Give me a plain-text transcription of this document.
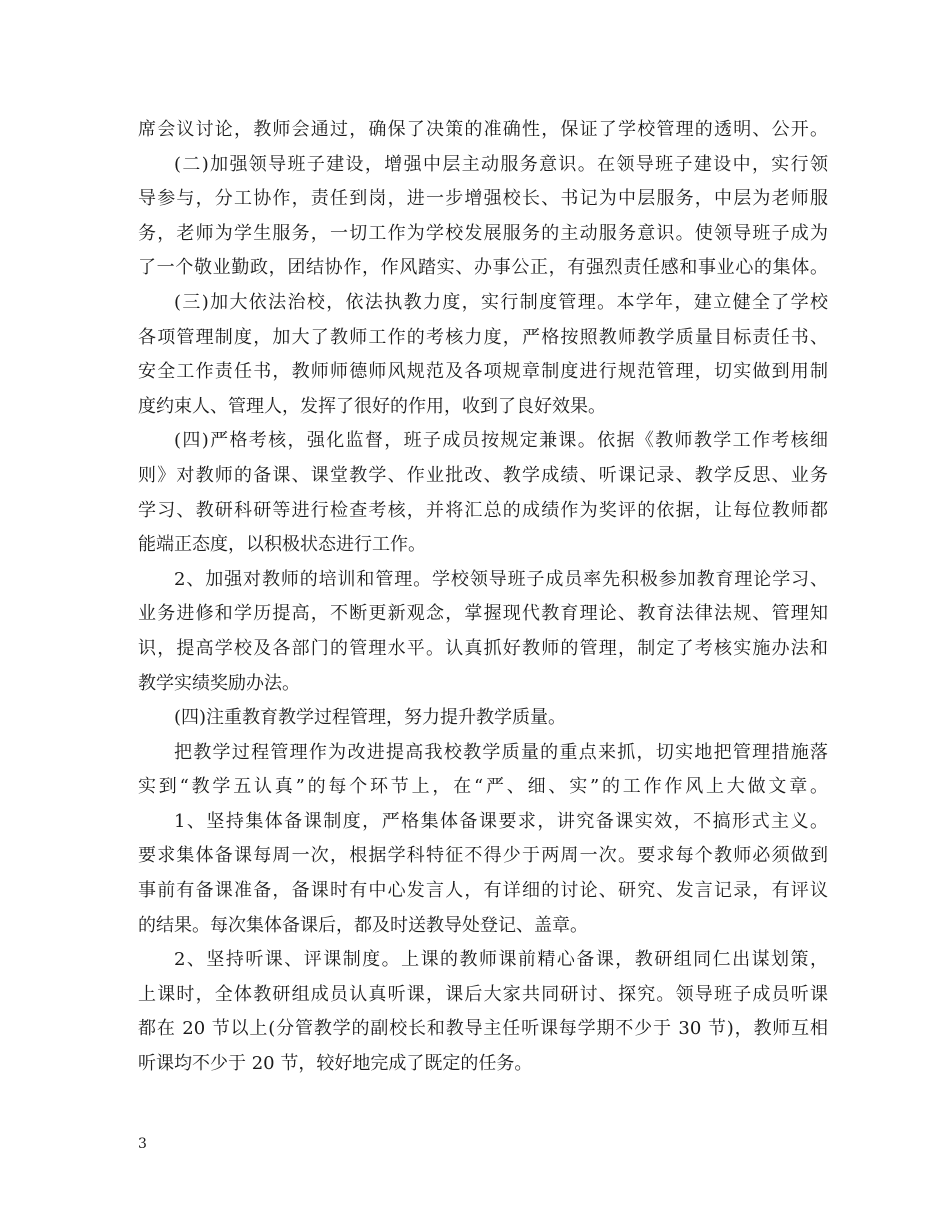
席会议讨论，教师会通过，确保了决策的准确性，保证了学校管理的透明、公开。
(二)加强领导班子建设，增强中层主动服务意识。在领导班子建设中，实行领
导参与，分工协作，责任到岗，进一步增强校长、书记为中层服务，中层为老师服
务，老师为学生服务，一切工作为学校发展服务的主动服务意识。使领导班子成为
了一个敬业勤政，团结协作，作风踏实、办事公正，有强烈责任感和事业心的集体。
(三)加大依法治校，依法执教力度，实行制度管理。本学年，建立健全了学校
各项管理制度，加大了教师工作的考核力度，严格按照教师教学质量目标责任书、
安全工作责任书，教师师德师风规范及各项规章制度进行规范管理，切实做到用制
度约束人、管理人，发挥了很好的作用，收到了良好效果。
(四)严格考核，强化监督，班子成员按规定兼课。依据《教师教学工作考核细
则》对教师的备课、课堂教学、作业批改、教学成绩、听课记录、教学反思、业务
学习、教研科研等进行检查考核，并将汇总的成绩作为奖评的依据，让每位教师都
能端正态度，以积极状态进行工作。
2、加强对教师的培训和管理。学校领导班子成员率先积极参加教育理论学习、
业务进修和学历提高，不断更新观念，掌握现代教育理论、教育法律法规、管理知
识，提高学校及各部门的管理水平。认真抓好教师的管理，制定了考核实施办法和
教学实绩奖励办法。
(四)注重教育教学过程管理，努力提升教学质量。
把教学过程管理作为改进提高我校教学质量的重点来抓，切实地把管理措施落
实到“教学五认真”的每个环节上，在“严、细、实”的工作作风上大做文章。
1、坚持集体备课制度，严格集体备课要求，讲究备课实效，不搞形式主义。
要求集体备课每周一次，根据学科特征不得少于两周一次。要求每个教师必须做到
事前有备课准备，备课时有中心发言人，有详细的讨论、研究、发言记录，有评议
的结果。每次集体备课后，都及时送教导处登记、盖章。
2、坚持听课、评课制度。上课的教师课前精心备课，教研组同仁出谋划策，
上课时，全体教研组成员认真听课，课后大家共同研讨、探究。领导班子成员听课
都在 20 节以上(分管教学的副校长和教导主任听课每学期不少于 30 节)，教师互相
听课均不少于 20 节，较好地完成了既定的任务。
3
